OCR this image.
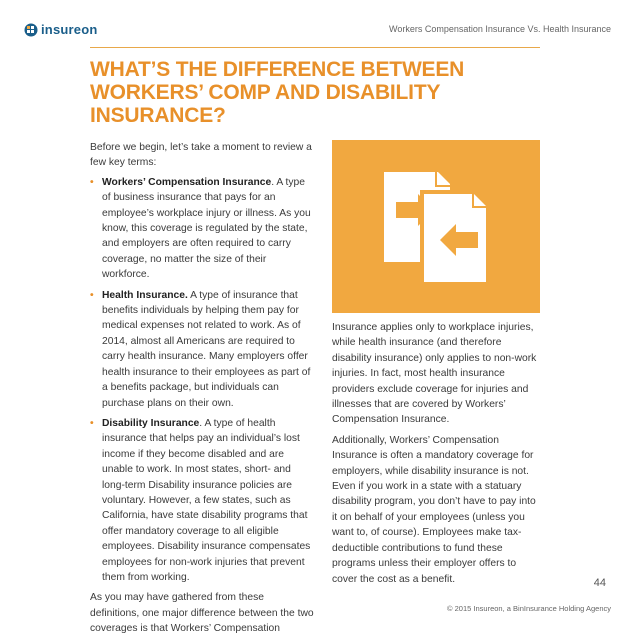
insureon	Workers Compensation Insurance Vs. Health Insurance
WHAT’S THE DIFFERENCE BETWEEN WORKERS’ COMP AND DISABILITY INSURANCE?

Before we begin, let’s take a moment to review a few key terms:

• Workers’ Compensation Insurance. A type of business insurance that pays for an employee’s workplace injury or illness. As you know, this coverage is regulated by the state, and employers are often required to carry coverage, no matter the size of their workforce.
• Health Insurance. A type of insurance that benefits individuals by helping them pay for medical expenses not related to work. As of 2014, almost all Americans are required to carry health insurance. Many employers offer health insurance to their employees as part of a benefits package, but individuals can purchase plans on their own.
• Disability Insurance. A type of health insurance that helps pay an individual’s lost income if they become disabled and are unable to work. In most states, short- and long-term Disability insurance policies are voluntary. However, a few states, such as California, have state disability programs that offer mandatory coverage to all eligible employees. Disability insurance compensates employees for non-work injuries that prevent them from working.

As you may have gathered from these definitions, one major difference between the two coverages is that Workers’ Compensation

Insurance applies only to workplace injuries, while health insurance (and therefore disability insurance) only applies to non-work injuries. In fact, most health insurance providers exclude coverage for injuries and illnesses that are covered by Workers’ Compensation Insurance.

Additionally, Workers’ Compensation Insurance is often a mandatory coverage for employers, while disability insurance is not. Even if you work in a state with a statuary disability program, you don’t have to pay into it on behalf of your employees (unless you want to, of course). Employees make tax-deductible contributions to fund these programs unless their employer offers to cover the cost as a benefit.	44
© 2015 Insureon, a BinInsurance Holding Agency
